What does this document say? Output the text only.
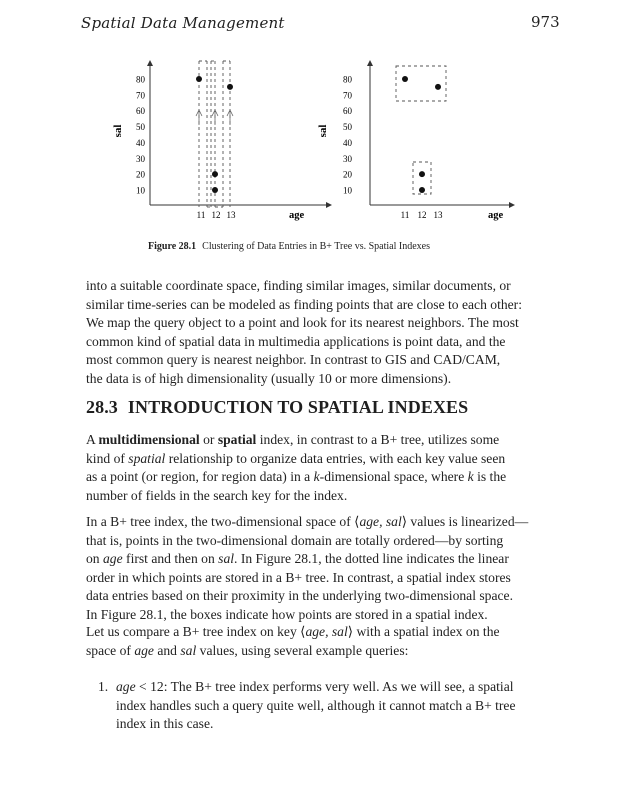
Spatial Data Management	973
10
20
30
40
50
60
70
80
11 12 13
sal
age
10
20
30
40
50
60
70
80
11 12 13
sal
age
Figure 28.1 Clustering of Data Entries in B+ Tree vs. Spatial Indexes
into a suitable coordinate space, finding similar images, similar documents, or
similar time-series can be modeled as finding points that are close to each other:
We map the query object to a point and look for its nearest neighbors. The most
common kind of spatial data in multimedia applications is point data, and the
most common query is nearest neighbor. In contrast to GIS and CAD/CAM,
the data is of high dimensionality (usually 10 or more dimensions).
28.3 INTRODUCTION TO SPATIAL INDEXES
A multidimensional or spatial index, in contrast to a B+ tree, utilizes some
kind of spatial relationship to organize data entries, with each key value seen
as a point (or region, for region data) in a k-dimensional space, where k is the
number of fields in the search key for the index.
In a B+ tree index, the two-dimensional space of ⟨age, sal⟩ values is linearized—
that is, points in the two-dimensional domain are totally ordered—by sorting
on age first and then on sal. In Figure 28.1, the dotted line indicates the linear
order in which points are stored in a B+ tree. In contrast, a spatial index stores
data entries based on their proximity in the underlying two-dimensional space.
In Figure 28.1, the boxes indicate how points are stored in a spatial index.
Let us compare a B+ tree index on key ⟨age, sal⟩ with a spatial index on the
space of age and sal values, using several example queries:
1. age < 12: The B+ tree index performs very well. As we will see, a spatial
index handles such a query quite well, although it cannot match a B+ tree
index in this case.
